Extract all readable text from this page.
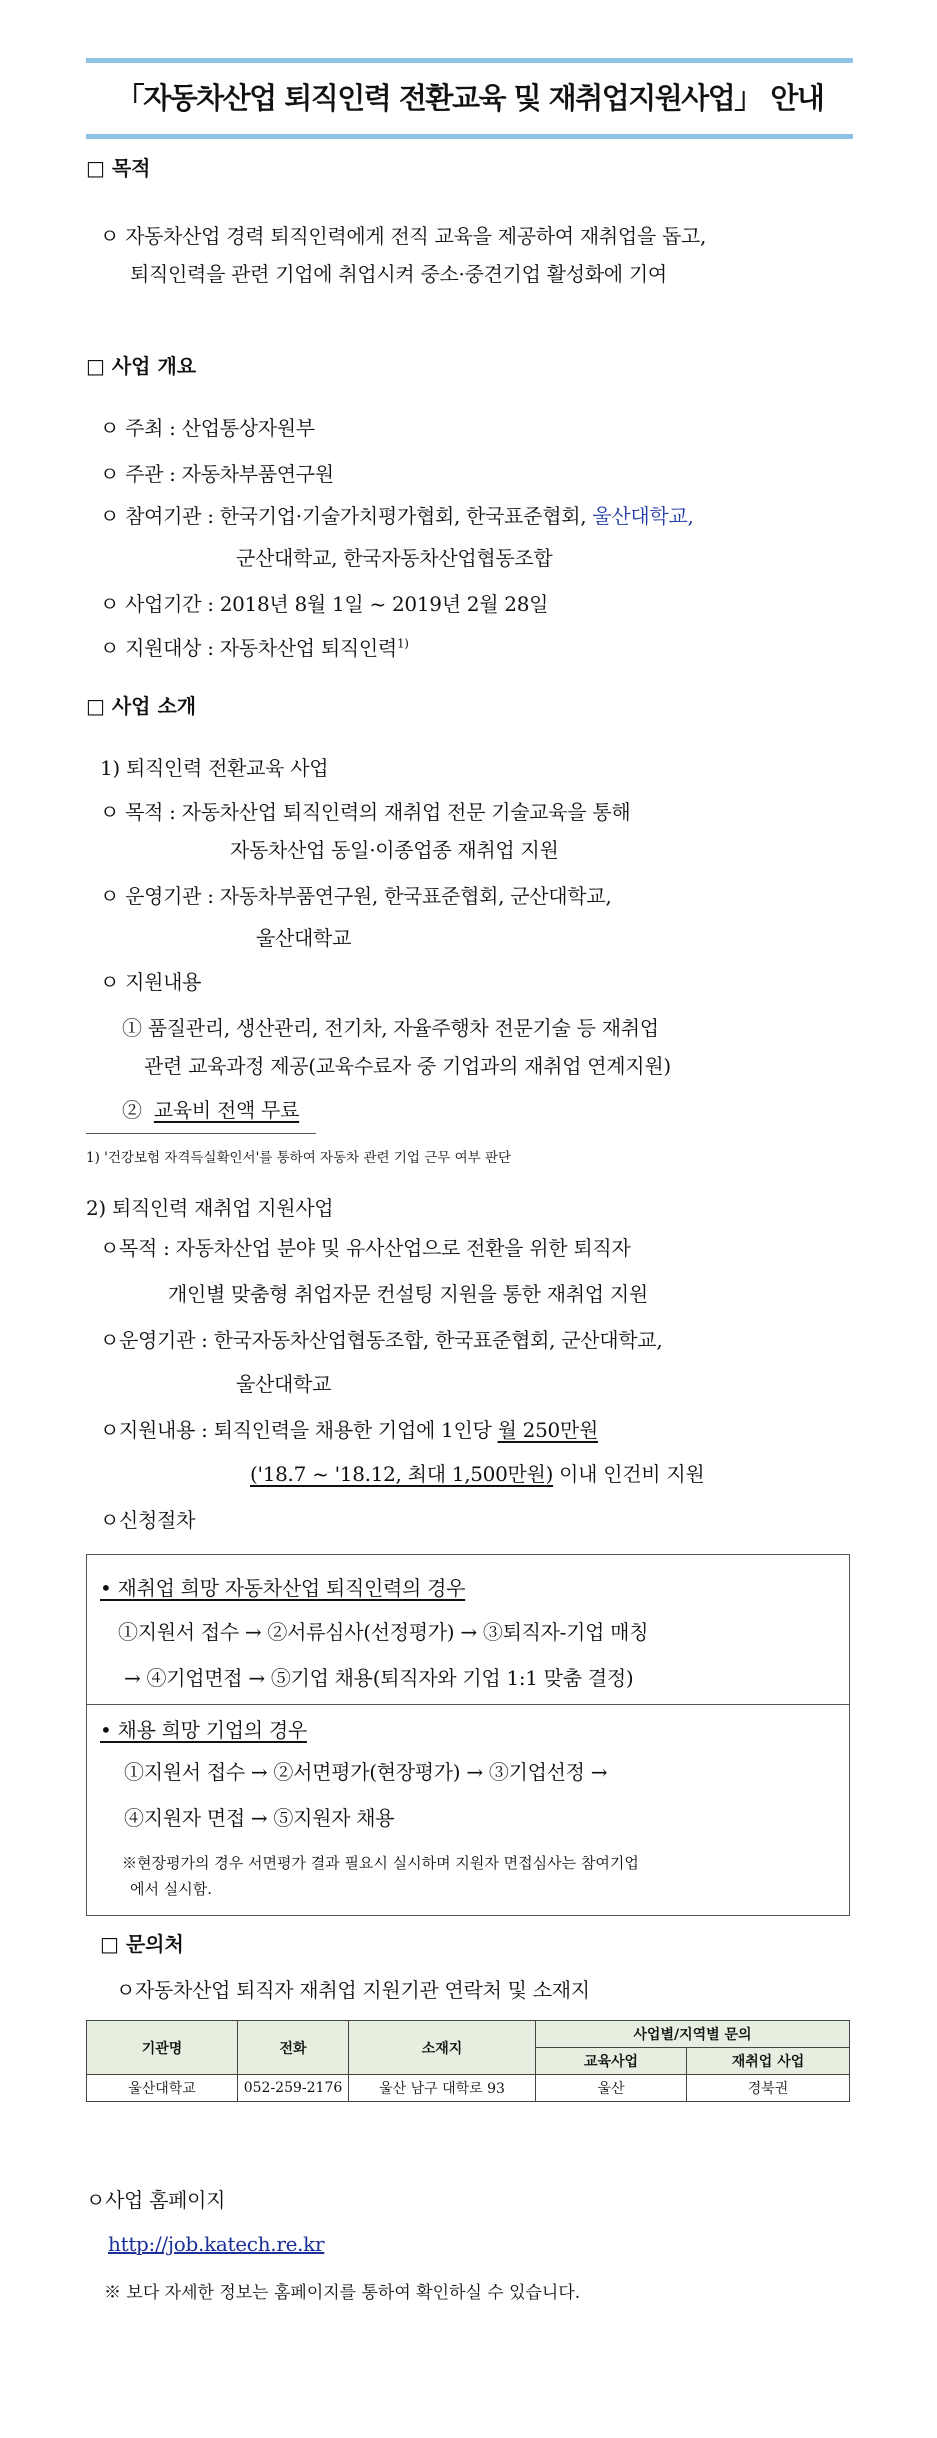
「자동차산업 퇴직인력 전환교육 및 재취업지원사업」 안내
□ 목적
ㅇ 자동차산업 경력 퇴직인력에게 전직 교육을 제공하여 재취업을 돕고,
퇴직인력을 관련 기업에 취업시켜 중소·중견기업 활성화에 기여
□ 사업 개요
ㅇ 주최 : 산업통상자원부
ㅇ 주관 : 자동차부품연구원
ㅇ 참여기관 : 한국기업·기술가치평가협회, 한국표준협회, 울산대학교,
군산대학교, 한국자동차산업협동조합
ㅇ 사업기간 : 2018년 8월 1일 ~ 2019년 2월 28일
ㅇ 지원대상 : 자동차산업 퇴직인력$^{1)}$
□ 사업 소개
1) 퇴직인력 전환교육 사업
ㅇ 목적 : 자동차산업 퇴직인력의 재취업 전문 기술교육을 통해
자동차산업 동일·이종업종 재취업 지원
ㅇ 운영기관 : 자동차부품연구원, 한국표준협회, 군산대학교,
울산대학교
ㅇ 지원내용
① 품질관리, 생산관리, 전기차, 자율주행차 전문기술 등 재취업
관련 교육과정 제공(교육수료자 중 기업과의 재취업 연계지원)
② 교육비 전액 무료
1) '건강보험 자격득실확인서'를 통하여 자동차 관련 기업 근무 여부 판단
2) 퇴직인력 재취업 지원사업
ㅇ목적 : 자동차산업 분야 및 유사산업으로 전환을 위한 퇴직자
개인별 맞춤형 취업자문 컨설팅 지원을 통한 재취업 지원
ㅇ운영기관 : 한국자동차산업협동조합, 한국표준협회, 군산대학교,
울산대학교
ㅇ지원내용 : 퇴직인력을 채용한 기업에 1인당 월 250만원
('18.7 ~ '18.12, 최대 1,500만원) 이내 인건비 지원
ㅇ신청절차
• 재취업 희망 자동차산업 퇴직인력의 경우
①지원서 접수 → ②서류심사(선정평가) → ③퇴직자-기업 매칭
→ ④기업면접 → ⑤기업 채용(퇴직자와 기업 1:1 맞춤 결정)
• 채용 희망 기업의 경우
①지원서 접수 → ②서면평가(현장평가) → ③기업선정 →
④지원자 면접 → ⑤지원자 채용
※현장평가의 경우 서면평가 결과 필요시 실시하며 지원자 면접심사는 참여기업
에서 실시함.
□ 문의처
ㅇ자동차산업 퇴직자 재취업 지원기관 연락처 및 소재지
기관명	전화	소재지	사업별/지역별 문의	
			교육사업	재취업 사업
울산대학교	052-259-2176	울산 남구 대학로 93	울산	경북권
ㅇ사업 홈페이지
http://job.katech.re.kr
※ 보다 자세한 정보는 홈페이지를 통하여 확인하실 수 있습니다.
